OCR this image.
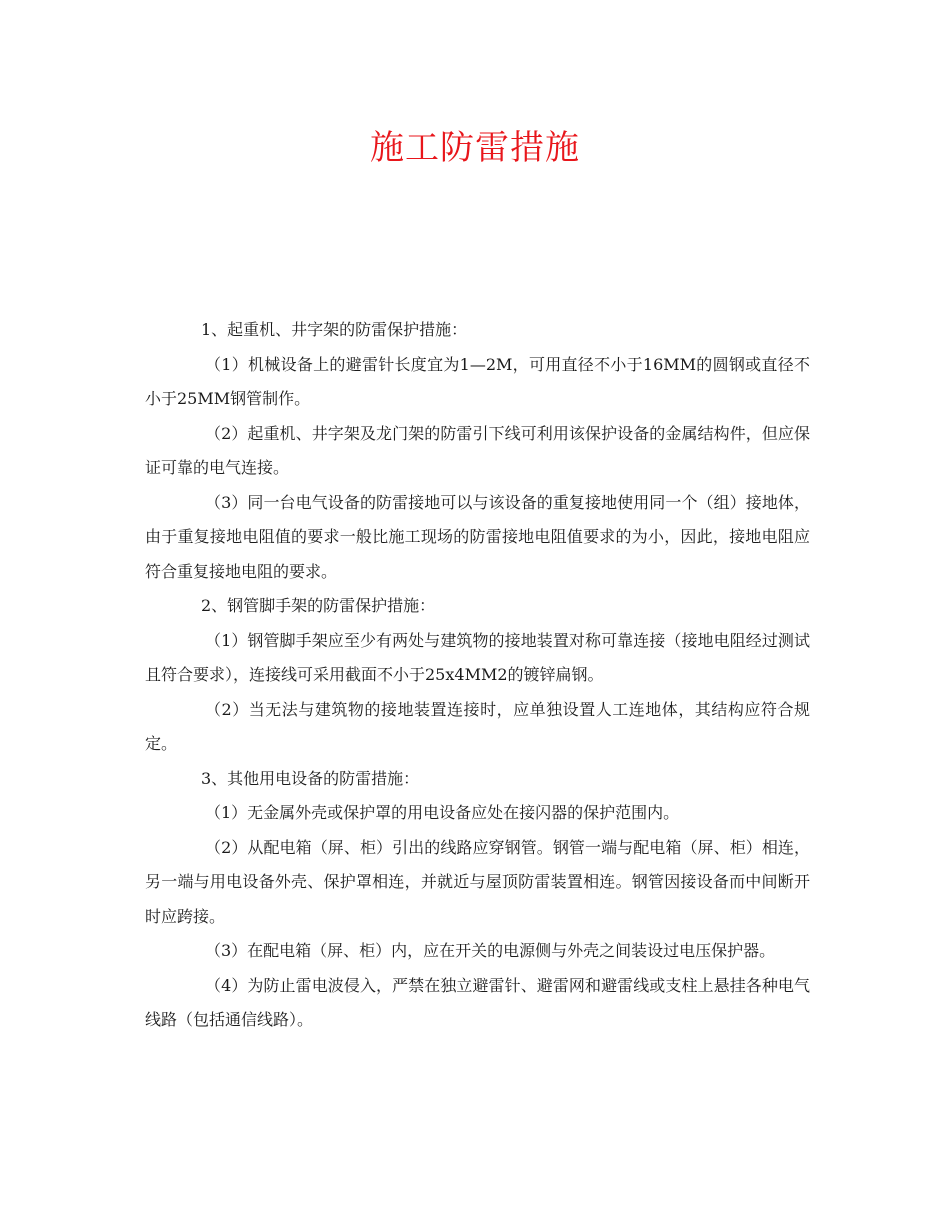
施工防雷措施

1、起重机、井字架的防雷保护措施：

（1）机械设备上的避雷针长度宜为1—2M，可用直径不小于16MM的圆钢或直径不小于25MM钢管制作。

（2）起重机、井字架及龙门架的防雷引下线可利用该保护设备的金属结构件，但应保证可靠的电气连接。

（3）同一台电气设备的防雷接地可以与该设备的重复接地使用同一个（组）接地体，由于重复接地电阻值的要求一般比施工现场的防雷接地电阻值要求的为小，因此，接地电阻应符合重复接地电阻的要求。

2、钢管脚手架的防雷保护措施：

（1）钢管脚手架应至少有两处与建筑物的接地装置对称可靠连接（接地电阻经过测试且符合要求），连接线可采用截面不小于25x4MM2的镀锌扁钢。

（2）当无法与建筑物的接地装置连接时，应单独设置人工连地体，其结构应符合规定。

3、其他用电设备的防雷措施：

（1）无金属外壳或保护罩的用电设备应处在接闪器的保护范围内。

（2）从配电箱（屏、柜）引出的线路应穿钢管。钢管一端与配电箱（屏、柜）相连，另一端与用电设备外壳、保护罩相连，并就近与屋顶防雷装置相连。钢管因接设备而中间断开时应跨接。

（3）在配电箱（屏、柜）内，应在开关的电源侧与外壳之间装设过电压保护器。

（4）为防止雷电波侵入，严禁在独立避雷针、避雷网和避雷线或支柱上悬挂各种电气线路（包括通信线路）。
